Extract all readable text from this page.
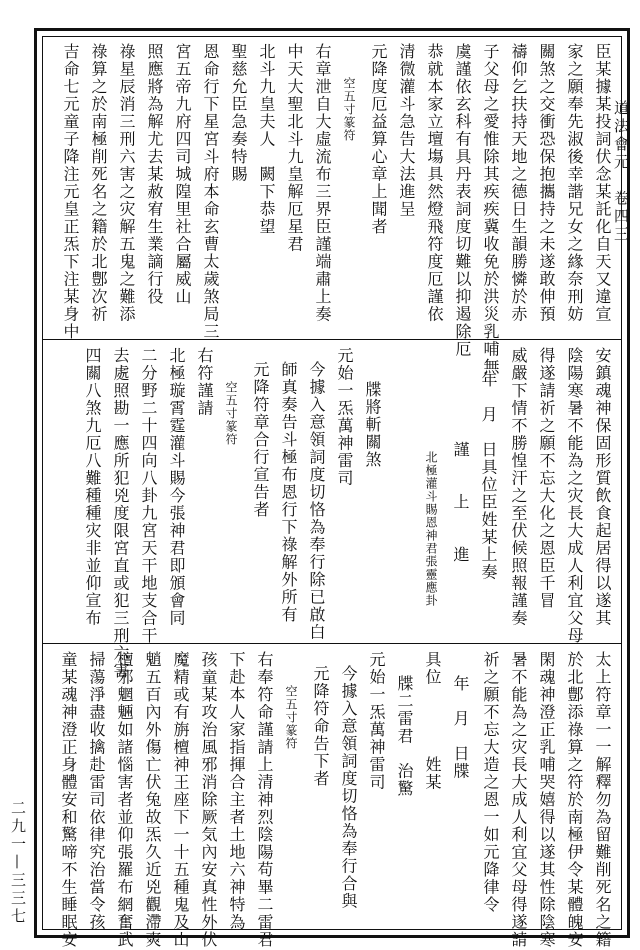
道法會元　卷四三
二九一—三三七
臣某據某投詞伏念某託化自天又違宣
家之願奉先淑後幸諧兄女之緣奈刑妨
關煞之交衝恐保抱攜持之未遂敢伸預
禱仰乞扶持天地之德日生韻勝憐於赤
子父母之愛惟除其疾疾冀收免於洪災乳哺無
虞謹依玄科有具丹表詞度切難以抑遏除厄
恭就本家立壇塲具然燈飛符度厄謹依
清微灌斗急告大法進呈
元降度厄益算心章上聞者
空五寸篆符
右章泄自大虛流布三界臣謹端肅上奏
中天大聖北斗九皇解厄星君
北斗九皇夫人　闕下恭望
聖慈允臣急奏特賜
恩命行下星宮斗府本命玄曹太歲煞局三
宮五帝九府四司城隍里社合屬威山
照應將為解尤去某赦宥生業謫行役
祿星辰消三刑六害之灾解五鬼之難添
祿算之於南極削死名之籍於北鄷次祈
吉命七元童子降注元皇正炁下注某身中
安鎮魂神保固形質飲食起居得以遂其
陰陽寒暑不能為之灾長大成人利宜父母
得遂請祈之願不忘大化之恩臣千冒
威嚴下情不勝惶汗之至伏候照報謹奏
年　月　日具位臣姓某上奏
謹　　上　　進
北極灌斗賜恩神君張靈應卦
牒將斬關煞
元始一炁萬神雷司
今據入意領詞度切恪為奉行除已啟白
師真奏告斗極布恩行下祿解外所有
元降符章合行宣告者
空五寸篆符
右符謹請
北極璇霄霆灌斗賜今張神君即頒會同
二分野二十四向八卦九宮天干地支合干
去處照勘一應所犯兇度限宮直或犯三刑六害
四關八煞九厄八難種種灾非並仰宣布
太上符章一一解釋勿為留難削死名之籍
於北鄷添祿算之符於南極伊令某體魄安
閑魂神澄正乳哺哭嬉得以遂其性除陰寒
暑不能為之灾長大成人利宜父母得遂請
祈之願不忘大造之恩一如元降律令
年　月　日牒
具位　　　　姓某
牒二雷君　治驚
元始一炁萬神雷司
今據入意領詞度切恪為奉行合與
元降符命告下者
空五寸篆符
右奉符命謹請上清神烈陰陽苟畢二雷君
下赴本人家指揮合主者土地六神特為
孩童某攻治風邪消除厥気內安真性外伏
魔精或有旃檀神王座下一十五種鬼及山
魈五百內外傷亡伏兔故炁久近兇觀滯爽
檀邪魍魎如諸惱害者並仰張羅布網奮武
掃蕩淨盡收擒赴雷司依律究治當令孩
童某魂神澄正身體安和驚啼不生睡眠安
